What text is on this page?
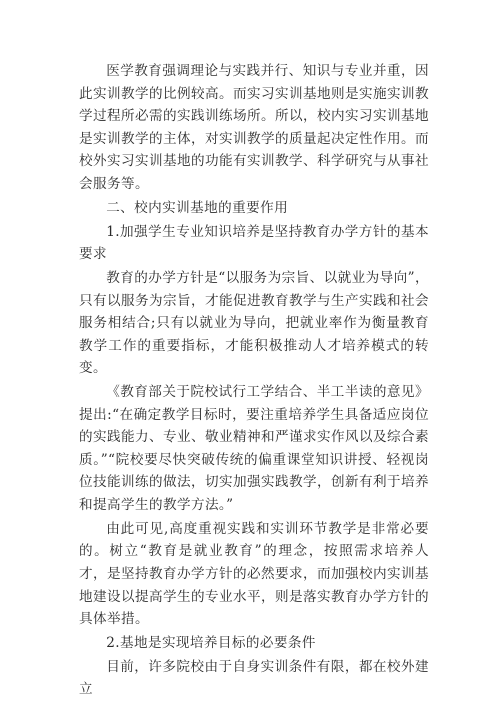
医学教育强调理论与实践并行、知识与专业并重，因此实训教学的比例较高。而实习实训基地则是实施实训教学过程所必需的实践训练场所。所以，校内实习实训基地是实训教学的主体，对实训教学的质量起决定性作用。而校外实习实训基地的功能有实训教学、科学研究与从事社会服务等。

二、校内实训基地的重要作用

1.加强学生专业知识培养是坚持教育办学方针的基本要求

教育的办学方针是“以服务为宗旨、以就业为导向”，只有以服务为宗旨，才能促进教育教学与生产实践和社会服务相结合;只有以就业为导向，把就业率作为衡量教育教学工作的重要指标，才能积极推动人才培养模式的转变。

《教育部关于院校试行工学结合、半工半读的意见》提出:“在确定教学目标时，要注重培养学生具备适应岗位的实践能力、专业、敬业精神和严谨求实作风以及综合素质。”“院校要尽快突破传统的偏重课堂知识讲授、轻视岗位技能训练的做法，切实加强实践教学，创新有利于培养和提高学生的教学方法。”

由此可见,高度重视实践和实训环节教学是非常必要的。树立“教育是就业教育”的理念，按照需求培养人才，是坚持教育办学方针的必然要求，而加强校内实训基地建设以提高学生的专业水平，则是落实教育办学方针的具体举措。

2.基地是实现培养目标的必要条件

目前，许多院校由于自身实训条件有限，都在校外建立
